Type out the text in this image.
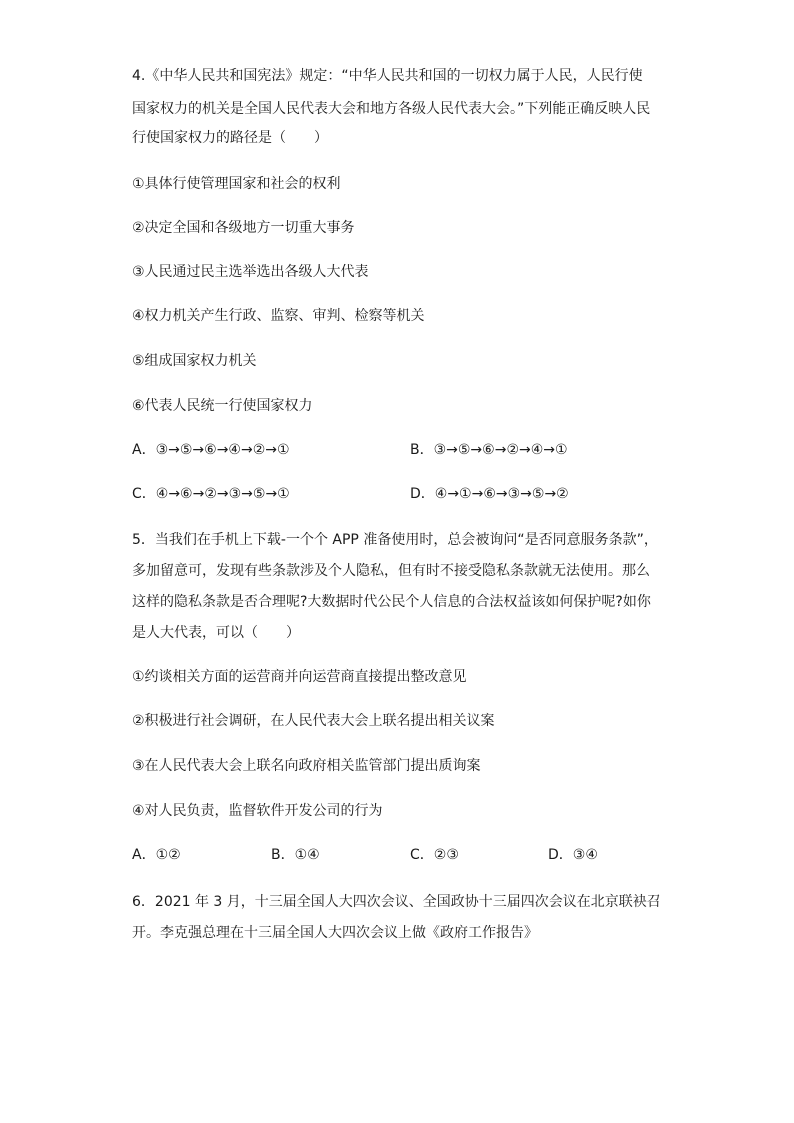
4.《中华人民共和国宪法》规定：“中华人民共和国的一切权力属于人民，人民行使
国家权力的机关是全国人民代表大会和地方各级人民代表大会。”下列能正确反映人民
行使国家权力的路径是（　　）
①具体行使管理国家和社会的权利
②决定全国和各级地方一切重大事务
③人民通过民主选举选出各级人大代表
④权力机关产生行政、监察、审判、检察等机关
⑤组成国家权力机关
⑥代表人民统一行使国家权力
A．③→⑤→⑥→④→②→①	B．③→⑤→⑥→②→④→①
C．④→⑥→②→③→⑤→①	D．④→①→⑥→③→⑤→②
5．当我们在手机上下载-一个个 APP 准备使用时，总会被询问“是否同意服务条款”，
多加留意可，发现有些条款涉及个人隐私，但有时不接受隐私条款就无法使用。那么
这样的隐私条款是否合理呢?大数据时代公民个人信息的合法权益该如何保护呢?如你
是人大代表，可以（　　）
①约谈相关方面的运营商并向运营商直接提出整改意见
②积极进行社会调研，在人民代表大会上联名提出相关议案
③在人民代表大会上联名向政府相关监管部门提出质询案
④对人民负责，监督软件开发公司的行为
A．①②	B．①④	C．②③	D．③④
6．2021 年 3 月，十三届全国人大四次会议、全国政协十三届四次会议在北京联袂召
开。李克强总理在十三届全国人大四次会议上做《政府工作报告》
